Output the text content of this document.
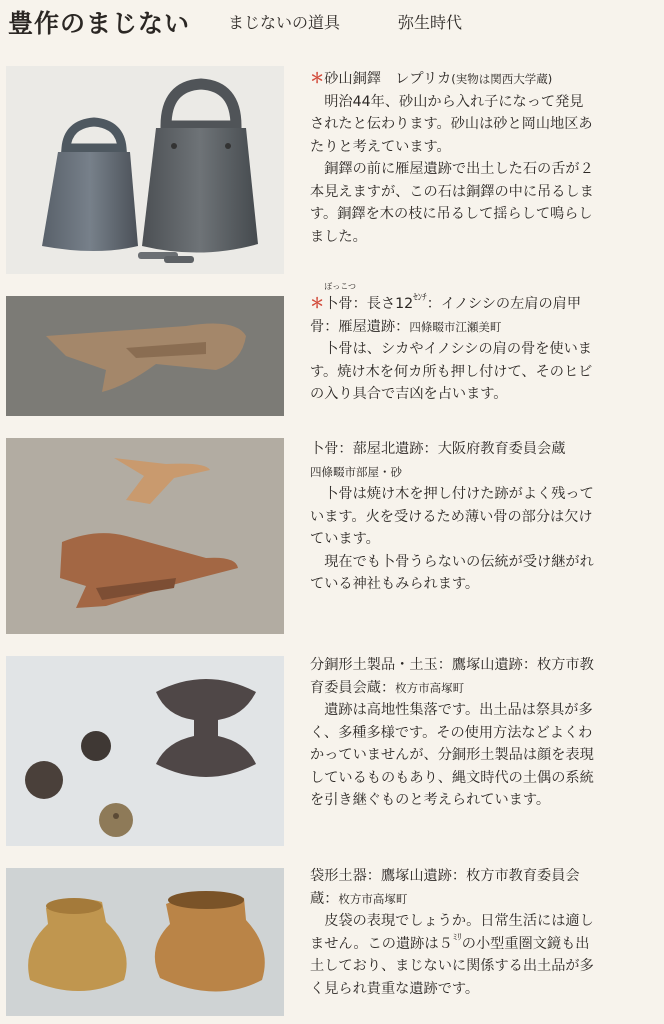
豊作のまじない まじないの道具	弥生時代

＊砂山銅鐸　 レプリカ(実物は関西大学蔵)

　明治44年、砂山から入れ子になって発見

されたと伝わります。砂山は砂と岡山地区あ

たりと考えています。

　銅鐸の前に雁屋遺跡で出土した石の舌が２

本見えますが、この石は銅鐸の中に吊るしま

す。銅鐸を木の枝に吊るして揺らして鳴らし

ました。

＊
ぼっこつ
卜骨：長さ12ｾﾝﾁ：イノシシの左肩の肩甲

骨：雁屋遺跡：四條畷市江瀬美町

　卜骨は、シカやイノシシの肩の骨を使いま

す。焼け木を何カ所も押し付けて、そのヒビ

の入り具合で吉凶を占います。

卜骨：蔀屋北遺跡：大阪府教育委員会蔵

四條畷市部屋・砂

　卜骨は焼け木を押し付けた跡がよく残って

います。火を受けるため薄い骨の部分は欠け

ています。

　現在でも卜骨うらないの伝統が受け継がれ

ている神社もみられます。

分銅形土製品・土玉：鷹塚山遺跡：枚方市教

育委員会蔵：枚方市高塚町

　遺跡は高地性集落です。出土品は祭具が多

く、多種多様です。その使用方法などよくわ

かっていませんが、分銅形土製品は顔を表現

しているものもあり、縄文時代の土偶の系統

を引き継ぐものと考えられています。

袋形土器：鷹塚山遺跡：枚方市教育委員会

蔵：枚方市高塚町

　皮袋の表現でしょうか。日常生活には適し

ません。この遺跡は５ﾐﾘの小型重圏文鏡も出

土しており、まじないに関係する出土品が多

く見られ貴重な遺跡です。
